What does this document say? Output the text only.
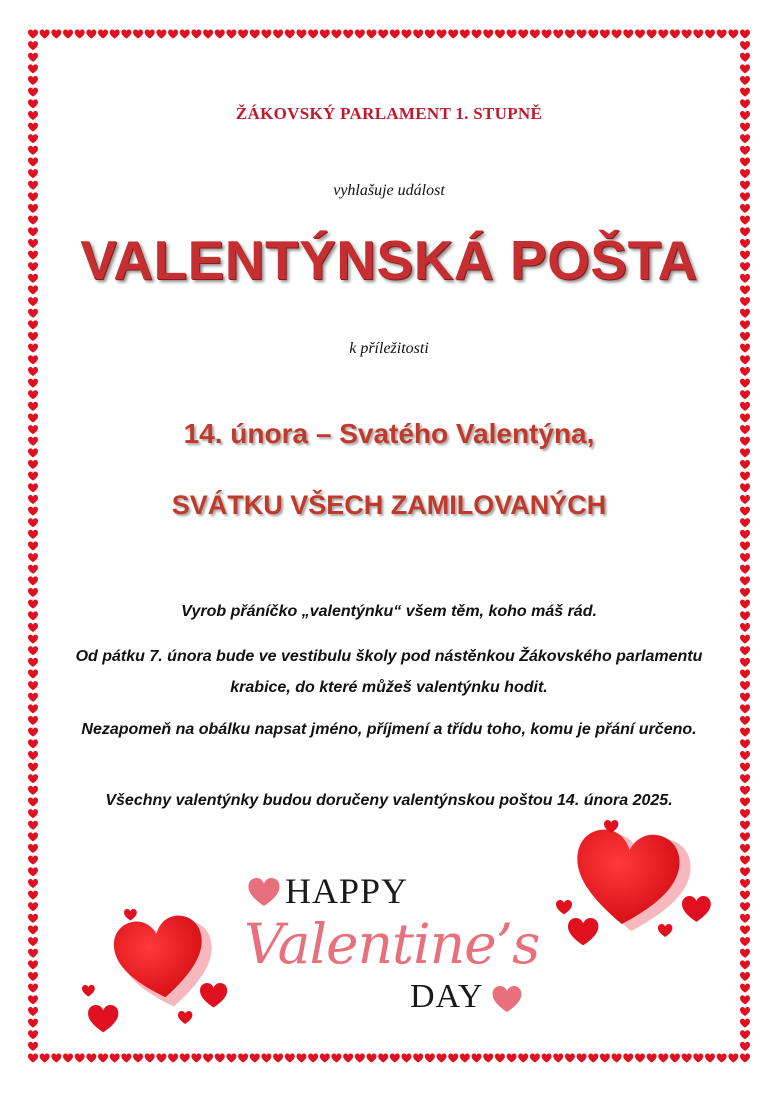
ŽÁKOVSKÝ PARLAMENT 1. STUPNĚ
vyhlašuje událost
VALENTÝNSKÁ POŠTA
k příležitosti
14. února – Svatého Valentýna,
SVÁTKU VŠECH ZAMILOVANÝCH
Vyrob přáníčko „valentýnku“ všem těm, koho máš rád.
Od pátku 7. února bude ve vestibulu školy pod nástěnkou Žákovského parlamentu krabice, do které můžeš valentýnku hodit.
Nezapomeň na obálku napsat jméno, příjmení a třídu toho, komu je přání určeno.
Všechny valentýnky budou doručeny valentýnskou poštou 14. února 2025.
HAPPY
Valentine’s
DAY
